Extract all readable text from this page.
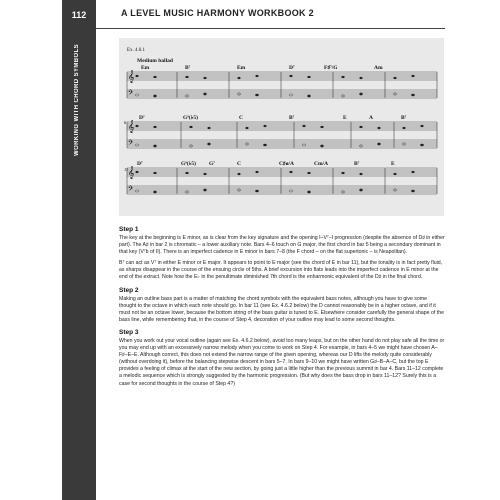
112
WORKING WITH CHORD SYMBOLS
A LEVEL MUSIC HARMONY WORKBOOK 2
Ex. 4.6.1
Medium ballad
𝄞
𝄢
𝄞
𝄢
𝄞
𝄢
6
11
Em	B⁷	Em	D⁷	F♯⁷/G	Am
D⁷	G⁹(♭5)	C	B⁷	E	A	B⁷
D⁷	G⁹(♭5) G⁷	C	C♯ø/A	Cm/A	B⁷	E
Step 1

The key at the beginning is E minor, as is clear from the key signature and the opening I–V⁷–I progression (despite the absence of D♯ in either part). The A♯ in bar 2 is chromatic – a lower auxiliary note. Bars 4–6 touch on G major, the first chord in bar 5 being a secondary dominant in that key (V⁷b of II). There is an imperfect cadence in E minor in bars 7–8 (the F chord – on the flat supertonic – is Neapolitan).

B⁷ can act as V⁷ in either E minor or E major. It appears to point to E major (see the chord of E in bar 11), but the tonality is in fact pretty fluid, as sharps disappear in the course of the ensuing circle of 5ths. A brief excursion into flats leads into the imperfect cadence in E minor at the end of the extract. Note how the E♭ in the penultimate diminished 7th chord is the enharmonic equivalent of the D♯ in the final chord.

Step 2

Making an outline bass part is a matter of matching the chord symbols with the equivalent bass notes, although you have to give some thought to the octave in which each note should go. In bar 11 (see Ex. 4.6.2 below) the D cannot reasonably be in a higher octave, and if it must not be an octave lower, because the bottom string of the bass guitar is tuned to E. Elsewhere consider carefully the general shape of the bass line, while remembering that, in the course of Step 4, decoration of your outline may lead to some second thoughts.

Step 3

When you work out your vocal outline (again see Ex. 4.6.2 below), avoid too many leaps, but on the other hand do not play safe all the time or you may end up with an excessively narrow melody when you come to work on Step 4. For example, in bars 4–5 we might have chosen A–F♯–E–E. Although correct, this does not extend the narrow range of the given opening, whereas our D lifts the melody quite considerably (without overdoing it), before the balancing stepwise descent in bars 5–7. In bars 9–10 we might have written G♯–B–A–C, but the top E provides a feeling of climax at the start of the new section, by going just a little higher than the previous summit in bar 4. Bars 11–12 complete a melodic sequence which is strongly suggested by the harmonic progression. (But why does the bass drop in bars 11–12? Surely this is a case for second thoughts in the course of Step 4?)
